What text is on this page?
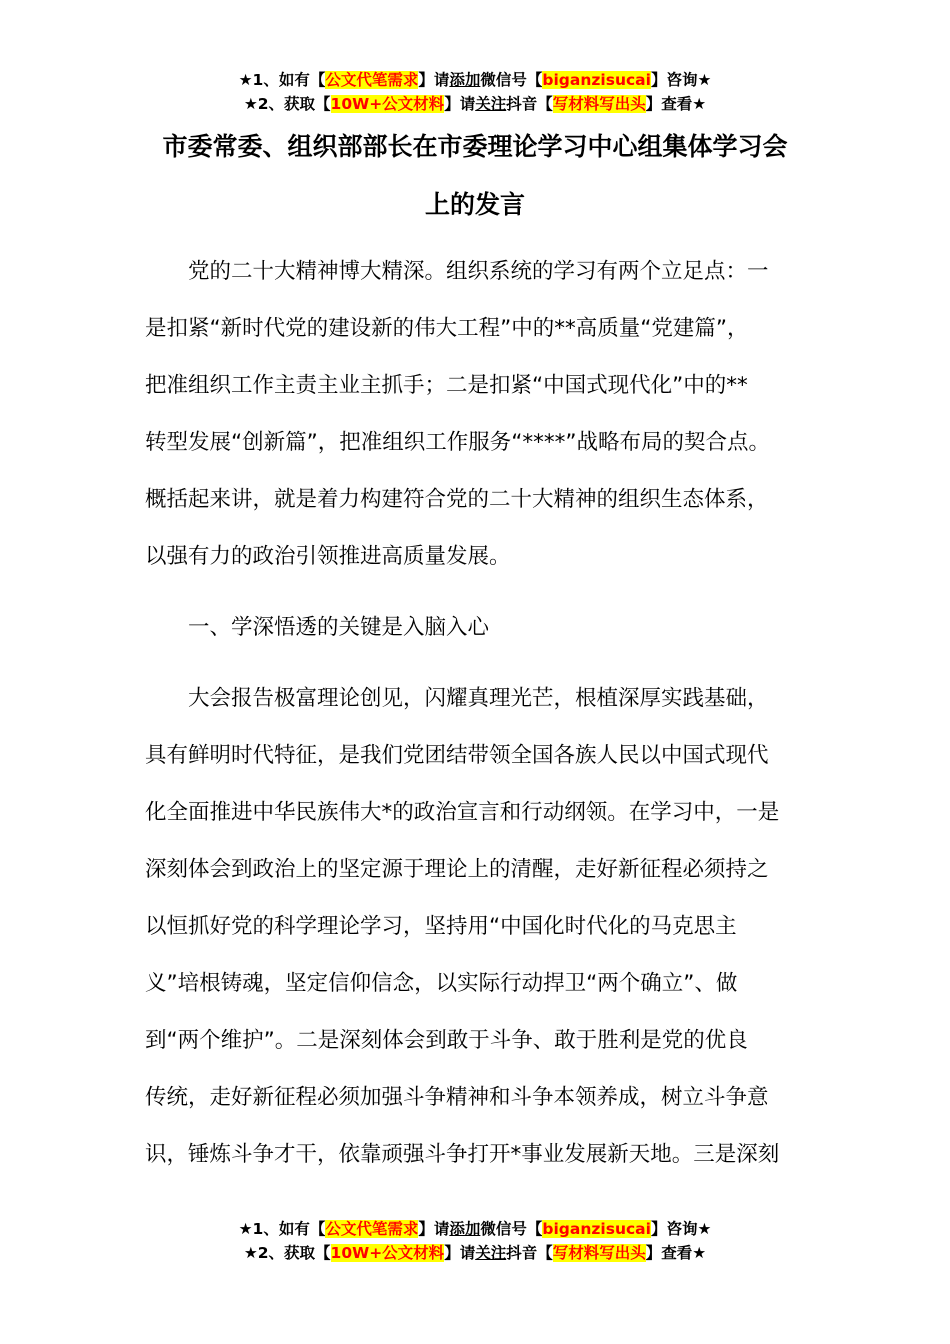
★1、如有【公文代笔需求】请添加微信号【biganzisucai】咨询★
★2、获取【10W+公文材料】请关注抖音【写材料写出头】查看★
市委常委、组织部部长在市委理论学习中心组集体学习会
上的发言
　　党的二十大精神博大精深。组织系统的学习有两个立足点：一
是扣紧“新时代党的建设新的伟大工程”中的**高质量“党建篇”，
把准组织工作主责主业主抓手；二是扣紧“中国式现代化”中的**
转型发展“创新篇”，把准组织工作服务“****”战略布局的契合点。
概括起来讲，就是着力构建符合党的二十大精神的组织生态体系，
以强有力的政治引领推进高质量发展。
　　一、学深悟透的关键是入脑入心
　　大会报告极富理论创见，闪耀真理光芒，根植深厚实践基础，
具有鲜明时代特征，是我们党团结带领全国各族人民以中国式现代
化全面推进中华民族伟大*的政治宣言和行动纲领。在学习中，一是
深刻体会到政治上的坚定源于理论上的清醒，走好新征程必须持之
以恒抓好党的科学理论学习，坚持用“中国化时代化的马克思主
义”培根铸魂，坚定信仰信念，以实际行动捍卫“两个确立”、做
到“两个维护”。二是深刻体会到敢于斗争、敢于胜利是党的优良
传统，走好新征程必须加强斗争精神和斗争本领养成，树立斗争意
识，锤炼斗争才干，依靠顽强斗争打开*事业发展新天地。三是深刻
★1、如有【公文代笔需求】请添加微信号【biganzisucai】咨询★
★2、获取【10W+公文材料】请关注抖音【写材料写出头】查看★
